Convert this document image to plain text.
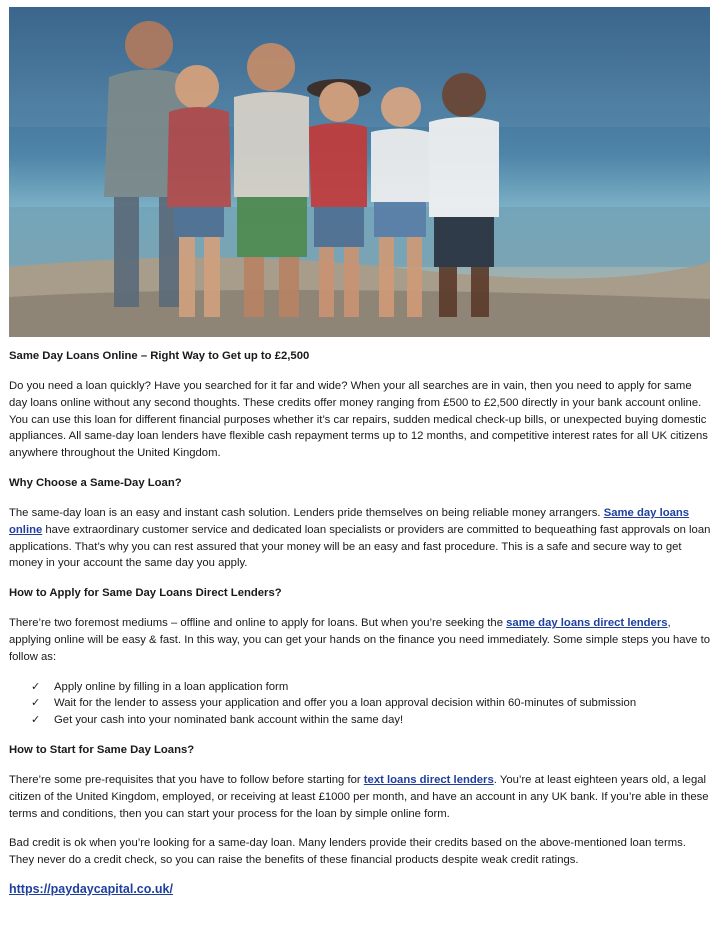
Same Day Loans Online – Right Way to Get up to £2,500

Do you need a loan quickly? Have you searched for it far and wide? When your all searches are in vain, then you need to apply for same day loans online without any second thoughts. These credits offer money ranging from £500 to £2,500 directly in your bank account online. You can use this loan for different financial purposes whether it’s car repairs, sudden medical check-up bills, or unexpected buying domestic appliances. All same-day loan lenders have flexible cash repayment terms up to 12 months, and competitive interest rates for all UK citizens anywhere throughout the United Kingdom.

Why Choose a Same-Day Loan?

The same-day loan is an easy and instant cash solution. Lenders pride themselves on being reliable money arrangers. Same day loans online have extraordinary customer service and dedicated loan specialists or providers are committed to bequeathing fast approvals on loan applications. That’s why you can rest assured that your money will be an easy and fast procedure. This is a safe and secure way to get money in your account the same day you apply.

How to Apply for Same Day Loans Direct Lenders?

There’re two foremost mediums – offline and online to apply for loans. But when you’re seeking the same day loans direct lenders, applying online will be easy & fast. In this way, you can get your hands on the finance you need immediately. Some simple steps you have to follow as:

✓ Apply online by filling in a loan application form
✓ Wait for the lender to assess your application and offer you a loan approval decision within 60-minutes of submission
✓ Get your cash into your nominated bank account within the same day!

How to Start for Same Day Loans?

There’re some pre-requisites that you have to follow before starting for text loans direct lenders. You’re at least eighteen years old, a legal citizen of the United Kingdom, employed, or receiving at least £1000 per month, and have an account in any UK bank. If you’re able in these terms and conditions, then you can start your process for the loan by simple online form.

Bad credit is ok when you’re looking for a same-day loan. Many lenders provide their credits based on the above-mentioned loan terms. They never do a credit check, so you can raise the benefits of these financial products despite weak credit ratings.

https://paydaycapital.co.uk/
